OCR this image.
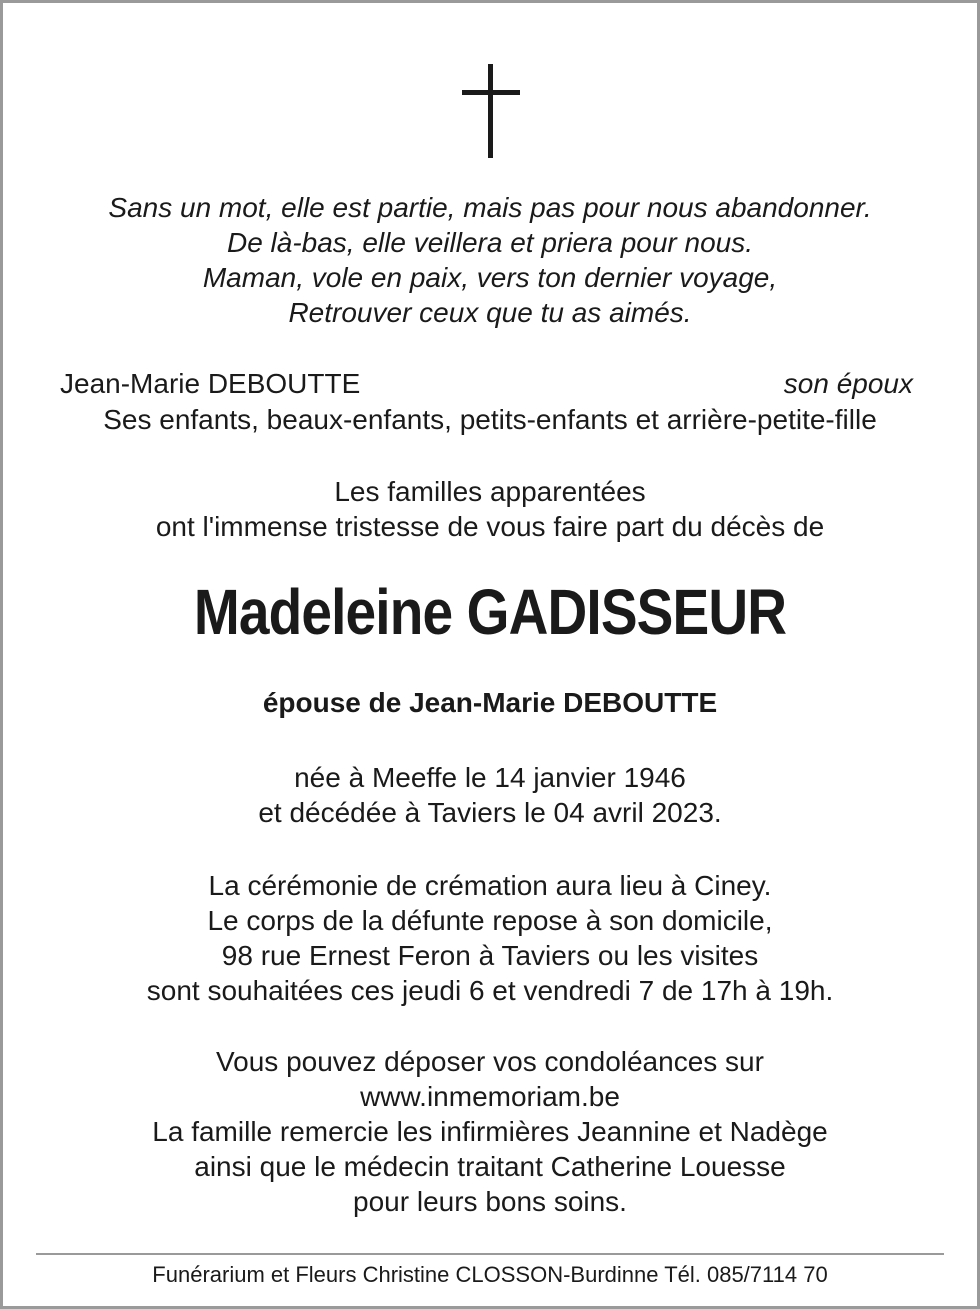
Sans un mot, elle est partie, mais pas pour nous abandonner.
De là-bas, elle veillera et priera pour nous.
Maman, vole en paix, vers ton dernier voyage,
Retrouver ceux que tu as aimés.
Jean-Marie DEBOUTTE	son époux
Ses enfants, beaux-enfants, petits-enfants et arrière-petite-fille
Les familles apparentées
ont l'immense tristesse de vous faire part du décès de
Madeleine GADISSEUR
épouse de Jean-Marie DEBOUTTE
née à Meeffe le 14 janvier 1946
et décédée à Taviers le 04 avril 2023.
La cérémonie de crémation aura lieu à Ciney.
Le corps de la défunte repose à son domicile,
98 rue Ernest Feron à Taviers ou les visites
sont souhaitées ces jeudi 6 et vendredi 7 de 17h à 19h.
Vous pouvez déposer vos condoléances sur
www.inmemoriam.be
La famille remercie les infirmières Jeannine et Nadège
ainsi que le médecin traitant Catherine Louesse
pour leurs bons soins.
Funérarium et Fleurs Christine CLOSSON-Burdinne Tél. 085/7114 70
